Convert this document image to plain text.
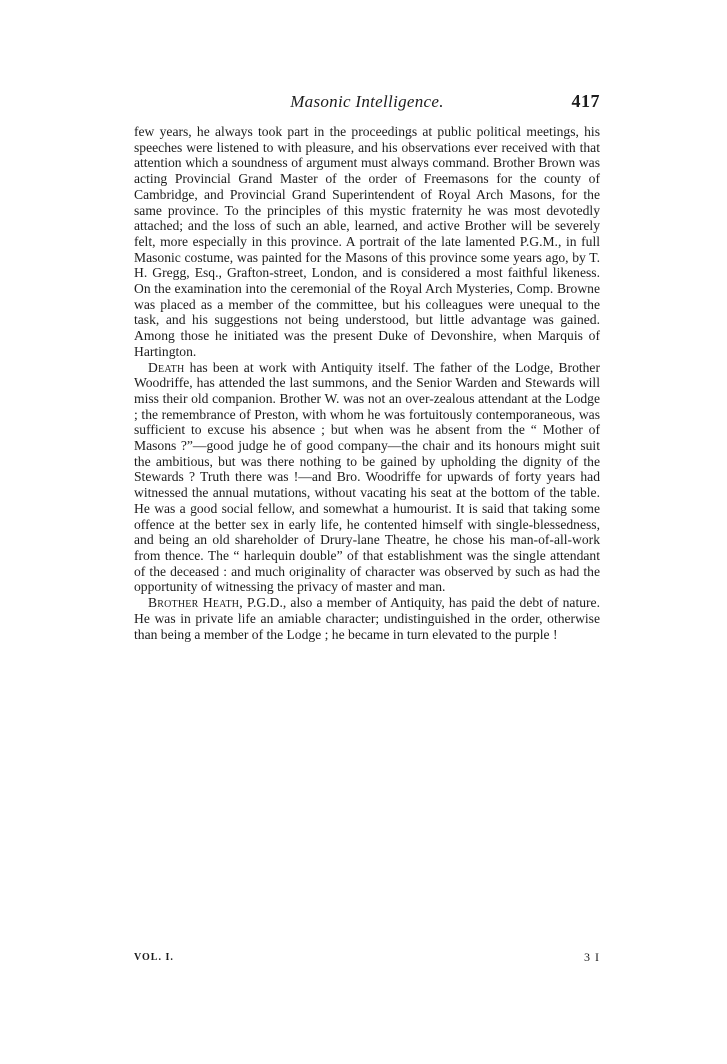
Masonic Intelligence.	417

few years, he always took part in the proceedings at public political meetings, his speeches were listened to with pleasure, and his observations ever received with that attention which a soundness of argument must always command. Brother Brown was acting Provincial Grand Master of the order of Freemasons for the county of Cambridge, and Provincial Grand Superintendent of Royal Arch Masons, for the same province. To the principles of this mystic fraternity he was most devotedly attached; and the loss of such an able, learned, and active Brother will be severely felt, more especially in this province. A portrait of the late lamented P.G.M., in full Masonic costume, was painted for the Masons of this province some years ago, by T. H. Gregg, Esq., Grafton-street, London, and is considered a most faithful likeness. On the examination into the ceremonial of the Royal Arch Mysteries, Comp. Browne was placed as a member of the committee, but his colleagues were unequal to the task, and his suggestions not being understood, but little advantage was gained. Among those he initiated was the present Duke of Devonshire, when Marquis of Hartington.

Death has been at work with Antiquity itself. The father of the Lodge, Brother Woodriffe, has attended the last summons, and the Senior Warden and Stewards will miss their old companion. Brother W. was not an over-zealous attendant at the Lodge ; the remembrance of Preston, with whom he was fortuitously contemporaneous, was sufficient to excuse his absence ; but when was he absent from the “ Mother of Masons ?”—good judge he of good company—the chair and its honours might suit the ambitious, but was there nothing to be gained by upholding the dignity of the Stewards ? Truth there was !—and Bro. Woodriffe for upwards of forty years had witnessed the annual mutations, without vacating his seat at the bottom of the table. He was a good social fellow, and somewhat a humourist. It is said that taking some offence at the better sex in early life, he contented himself with single-blessedness, and being an old shareholder of Drury-lane Theatre, he chose his man-of-all-work from thence. The “ harlequin double” of that establishment was the single attendant of the deceased : and much originality of character was observed by such as had the opportunity of witnessing the privacy of master and man.

Brother Heath, P.G.D., also a member of Antiquity, has paid the debt of nature. He was in private life an amiable character; undistinguished in the order, otherwise than being a member of the Lodge ; he became in turn elevated to the purple !

VOL. I.	3 I
